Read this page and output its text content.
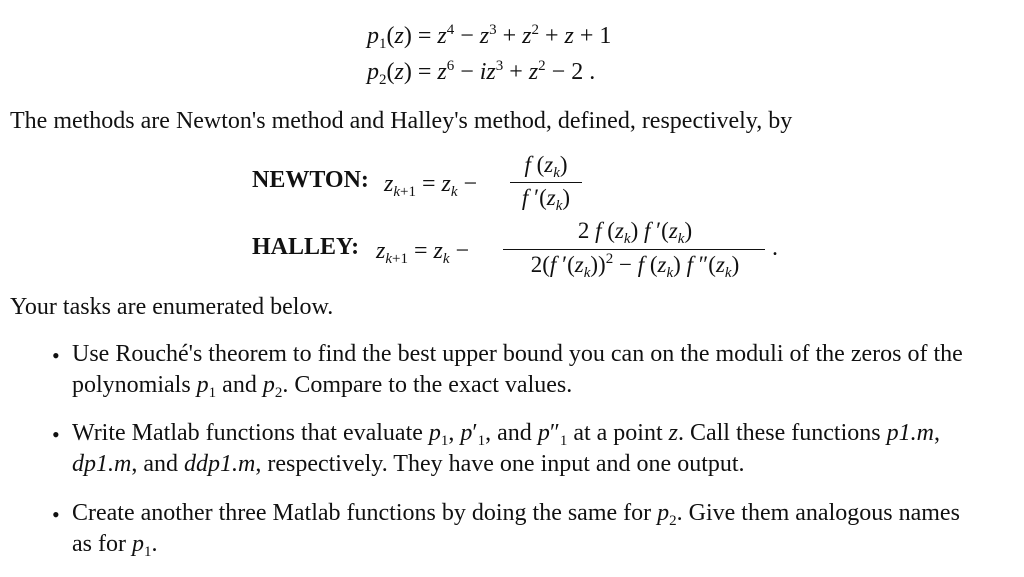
$p_1(z) = z^4 - z^3 + z^2 + z + 1$
$p_2(z) = z^6 - iz^3 + z^2 - 2$ .
The methods are Newton's method and Halley's method, defined, respectively, by
NEWTON: $z_{k+1} = z_k$ −
f $(z_k)$
f $'(z_k)$
HALLEY: $z_{k+1} = z_k$ −
2 f $(z_k)$ f $'(z_k)$
2(f $'(z_k))^2 - f$ $(z_k)$ f $''(z_k)$
.
Your tasks are enumerated below.
• Use Rouché's theorem to find the best upper bound you can on the moduli of the zeros of the
polynomials $p_1$ and $p_2$. Compare to the exact values.
• Write Matlab functions that evaluate $p_1$, $p'_1$, and $p''_1$ at a point z. Call these functions p1.m,
dp1.m, and ddp1.m, respectively. They have one input and one output.
• Create another three Matlab functions by doing the same for $p_2$. Give them analogous names
as for $p_1$.
